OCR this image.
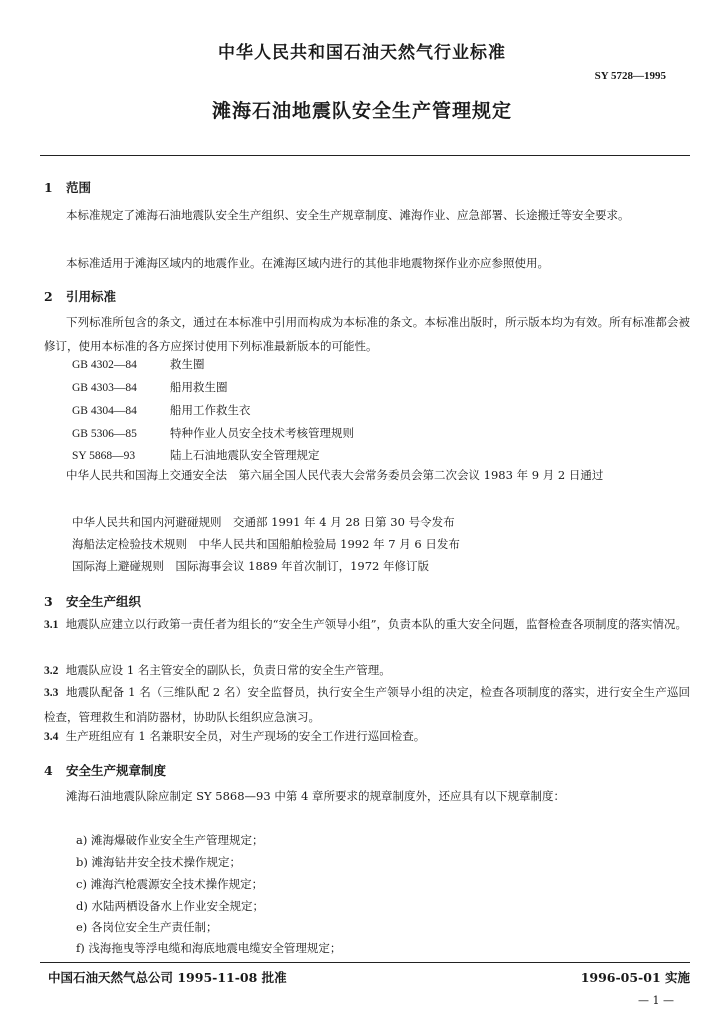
中华人民共和国石油天然气行业标准
SY 5728—1995
滩海石油地震队安全生产管理规定
1 范围
本标准规定了滩海石油地震队安全生产组织、安全生产规章制度、滩海作业、应急部署、长途搬迁等安全要求。
本标准适用于滩海区域内的地震作业。在滩海区域内进行的其他非地震物探作业亦应参照使用。
2 引用标准
下列标准所包含的条文，通过在本标准中引用而构成为本标准的条文。本标准出版时，所示版本均为有效。所有标准都会被修订，使用本标准的各方应探讨使用下列标准最新版本的可能性。
GB 4302—84	救生圈
GB 4303—84	船用救生圈
GB 4304—84	船用工作救生衣
GB 5306—85	特种作业人员安全技术考核管理规则
SY 5868—93	陆上石油地震队安全管理规定
中华人民共和国海上交通安全法　第六届全国人民代表大会常务委员会第二次会议 1983 年 9 月 2 日通过
中华人民共和国内河避碰规则　交通部 1991 年 4 月 28 日第 30 号令发布
海船法定检验技术规则　中华人民共和国船舶检验局 1992 年 7 月 6 日发布
国际海上避碰规则　国际海事会议 1889 年首次制订，1972 年修订版
3 安全生产组织
3.1 地震队应建立以行政第一责任者为组长的“安全生产领导小组”，负责本队的重大安全问题，监督检查各项制度的落实情况。
3.2 地震队应设 1 名主管安全的副队长，负责日常的安全生产管理。
3.3 地震队配备 1 名（三维队配 2 名）安全监督员，执行安全生产领导小组的决定，检查各项制度的落实，进行安全生产巡回检查，管理救生和消防器材，协助队长组织应急演习。
3.4 生产班组应有 1 名兼职安全员，对生产现场的安全工作进行巡回检查。
4 安全生产规章制度
滩海石油地震队除应制定 SY 5868—93 中第 4 章所要求的规章制度外，还应具有以下规章制度：
a) 滩海爆破作业安全生产管理规定；
b) 滩海钻井安全技术操作规定；
c) 滩海汽枪震源安全技术操作规定；
d) 水陆两栖设备水上作业安全规定；
e) 各岗位安全生产责任制；
f) 浅海拖曳等浮电缆和海底地震电缆安全管理规定；
中国石油天然气总公司 1995-11-08 批准	1996-05-01 实施
— 1 —
